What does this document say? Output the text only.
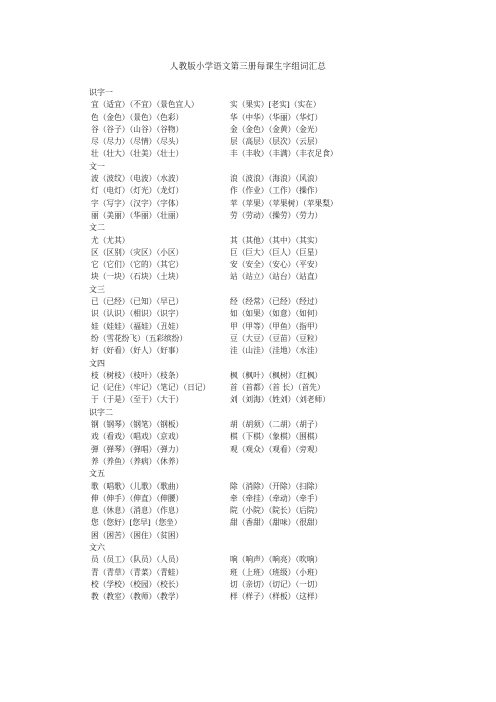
人教版小学语文第三册每课生字组词汇总
识字一
宜（适宜）（不宜）（景色宜人）	实（果实）[老实]（实在）
色（金色）（景色）（色彩）	华（中华）（华丽）（华灯）
谷（谷子）（山谷）（谷物）	金（金色）（金黄）（金光）
尽（尽力）（尽情）（尽头）	层（高层）（层次）（云层）
壮（壮大）（壮美）（壮士）	丰（丰收）（丰满）（丰衣足食）
文一
波（波纹）（电波）（水波）	浪（波浪）（海浪）（风浪）
灯（电灯）（灯光）（龙灯）	作（作业）（工作）（操作）
字（写字）（汉字）（字体）	苹（苹果）（苹果树）（苹果梨）
丽（美丽）（华丽）（壮丽）	劳（劳动）（操劳）（劳力）
文二
尤（尤其）	其（其他）（其中）（其实）
区（区别）（灾区）（小区）	巨（巨大）（巨人）（巨星）
它（它们）（它的）（其它）	安（安全）（安心）（平安）
块（一块）（石块）（土块）	站（站立）（站台）（站直）
文三
已（已经）（已知）（早已）	经（经常）（已经）（经过）
识（认识）（相识）（识字）	如（如果）（如意）（如何）
娃（娃娃）（福娃）（丑娃）	甲（甲等）（甲鱼）（指甲）
纷（雪花纷飞）（五彩缤纷）	豆（大豆）（豆苗）（豆粒）
好（好看）（好人）（好事）	洼（山洼）（洼地）（水洼）
文四
枝（树枝）（枝叶）（枝条）	枫（枫叶）（枫树）（红枫）
记（记住）（牢记）（笔记）（日记）	首（首都）（首 长）（首先）
于（于是）（至于）（大于）	刘（刘海）（姓刘）（刘老师）
识字二
钢（钢琴）（钢笔）（钢板）	胡（胡须）（二胡）（胡子）
戏（看戏）（唱戏）（京戏）	棋（下棋）（象棋）（围棋）
弹（弹琴）（弹唱）（弹力）	观（观众）（观看）（旁观）
养（养鱼）（养病）（休养）
文五
歌（唱歌）（儿歌）（歌曲）	除（消除）（开除）（扫除）
伸（伸手）（伸直）（伸腰）	牵（牵挂）（牵动）（牵手）
息（休息）（消息）（作息）	院（小院）（院长）（后院）
您（您好）[您早]（您坐）	甜（香甜）（甜味）（很甜）
困（困苦）（困住）（贫困）
文六
员（员工）（队员）（人员）	响（响声）（响亮）（吹响）
青（青草）（青菜）（青蛙）	班（上班）（班级）（小班）
校（学校）（校园）（校长）	切（亲切）（切记）（一切）
教（教室）（教师）（教学）	样（样子）（样板）（这样）
